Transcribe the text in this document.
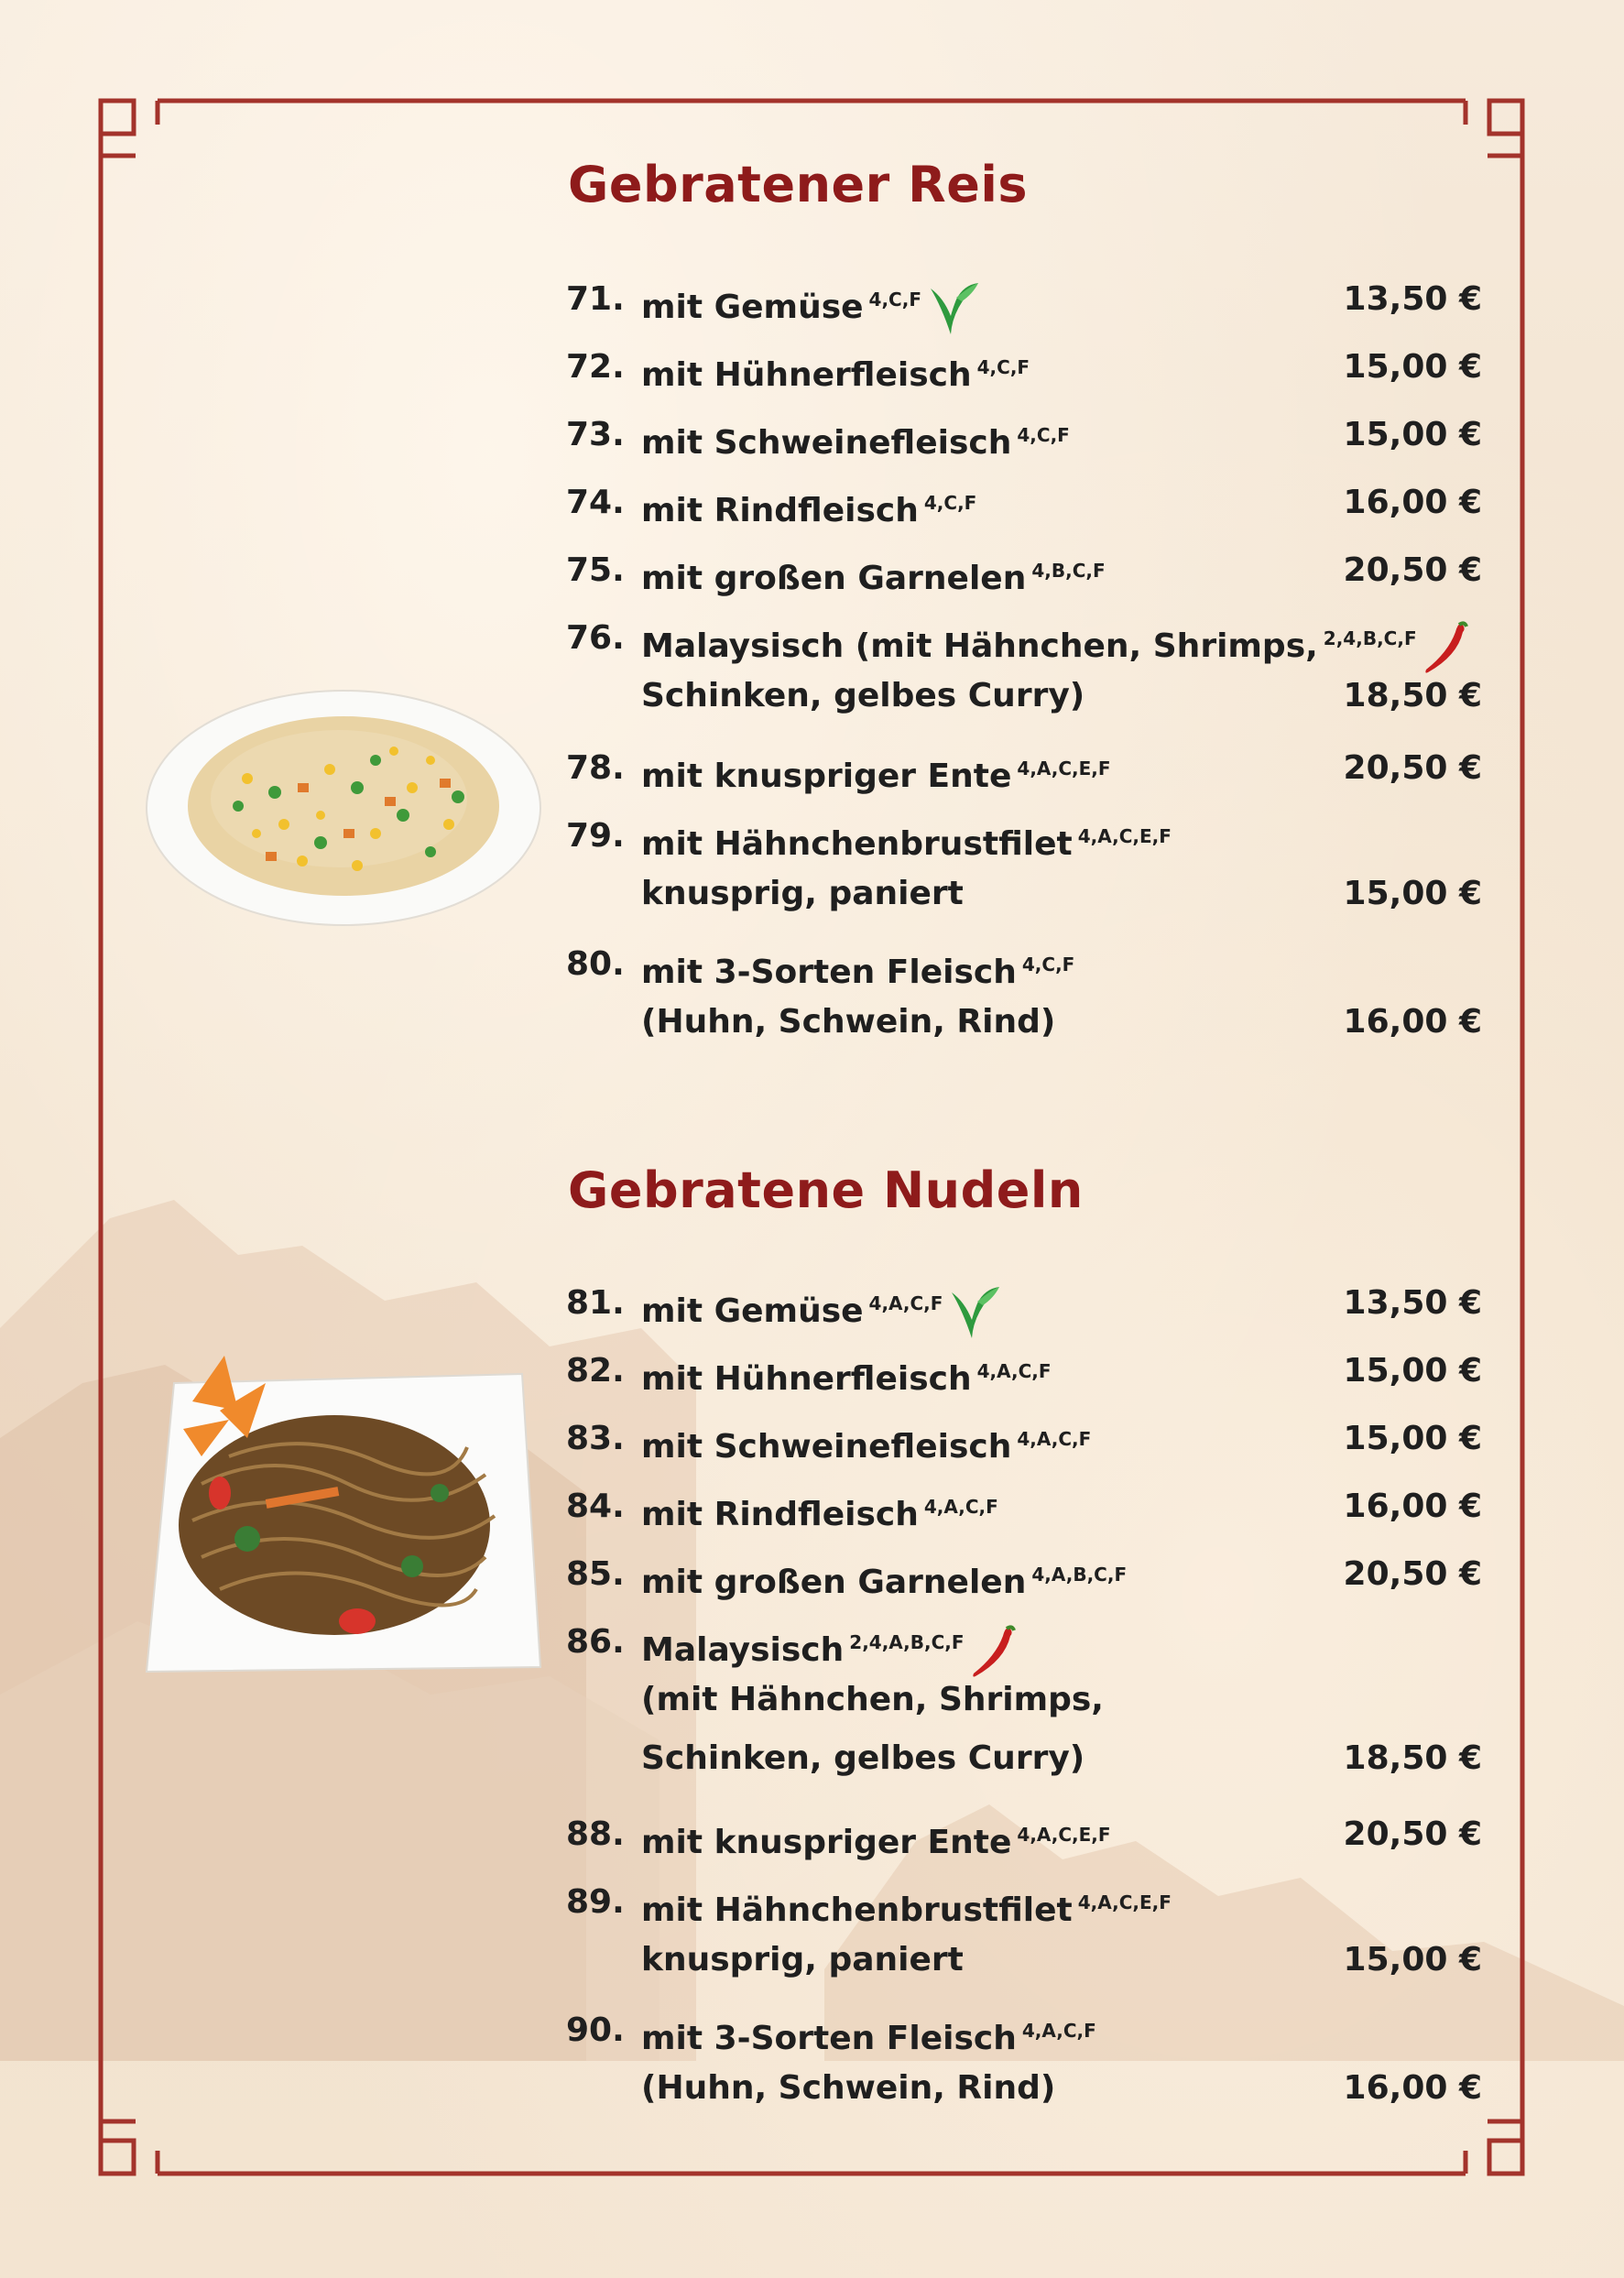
Gebratener Reis
71. mit Gemüse $^{4,C,F}$	13,50 €
72. mit Hühnerfleisch $^{4,C,F}$	15,00 €
73. mit Schweinefleisch $^{4,C,F}$	15,00 €
74. mit Rindfleisch $^{4,C,F}$	16,00 €
75. mit großen Garnelen $^{4,B,C,F}$	20,50 €
76. Malaysisch (mit Hähnchen, Shrimps, $^{2,4,B,C,F}$
Schinken, gelbes Curry)	18,50 €
78. mit knuspriger Ente $^{4,A,C,E,F}$	20,50 €
79. mit Hähnchenbrustfilet $^{4,A,C,E,F}$
knusprig, paniert	15,00 €
80. mit 3-Sorten Fleisch $^{4,C,F}$
(Huhn, Schwein, Rind)	16,00 €
Gebratene Nudeln
81. mit Gemüse $^{4,A,C,F}$	13,50 €
82. mit Hühnerfleisch $^{4,A,C,F}$	15,00 €
83. mit Schweinefleisch $^{4,A,C,F}$	15,00 €
84. mit Rindfleisch $^{4,A,C,F}$	16,00 €
85. mit großen Garnelen $^{4,A,B,C,F}$	20,50 €
86. Malaysisch $^{2,4,A,B,C,F}$
(mit Hähnchen, Shrimps,
Schinken, gelbes Curry)	18,50 €
88. mit knuspriger Ente $^{4,A,C,E,F}$	20,50 €
89. mit Hähnchenbrustfilet $^{4,A,C,E,F}$
knusprig, paniert	15,00 €
90. mit 3-Sorten Fleisch $^{4,A,C,F}$
(Huhn, Schwein, Rind)	16,00 €
